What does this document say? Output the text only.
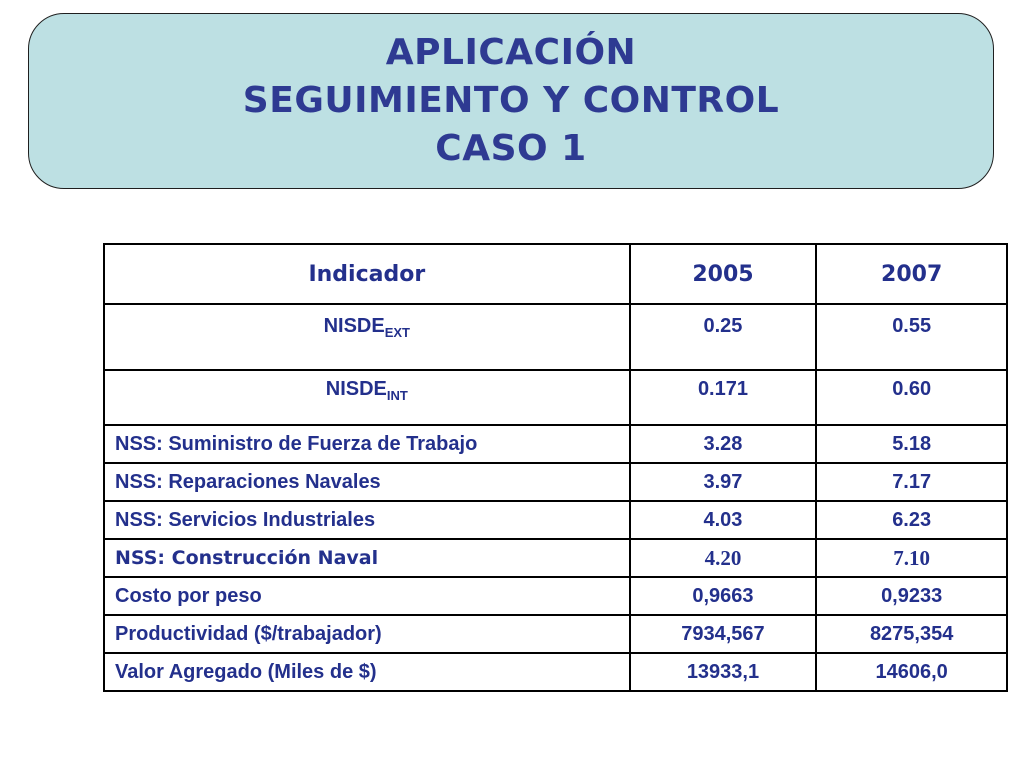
APLICACIÓN
SEGUIMIENTO Y CONTROL
CASO 1
Indicador	2005	2007
$NISDE_{EXT}$	0.25	0.55
$NISDE_{INT}$	0.171	0.60
NSS: Suministro de Fuerza de Trabajo	3.28	5.18
NSS: Reparaciones Navales	3.97	7.17
NSS: Servicios Industriales	4.03	6.23
NSS: Construcción Naval	4.20	7.10
Costo por peso	0,9663	0,9233
Productividad ($/trabajador)	7934,567	8275,354
Valor Agregado (Miles de $)	13933,1	14606,0
